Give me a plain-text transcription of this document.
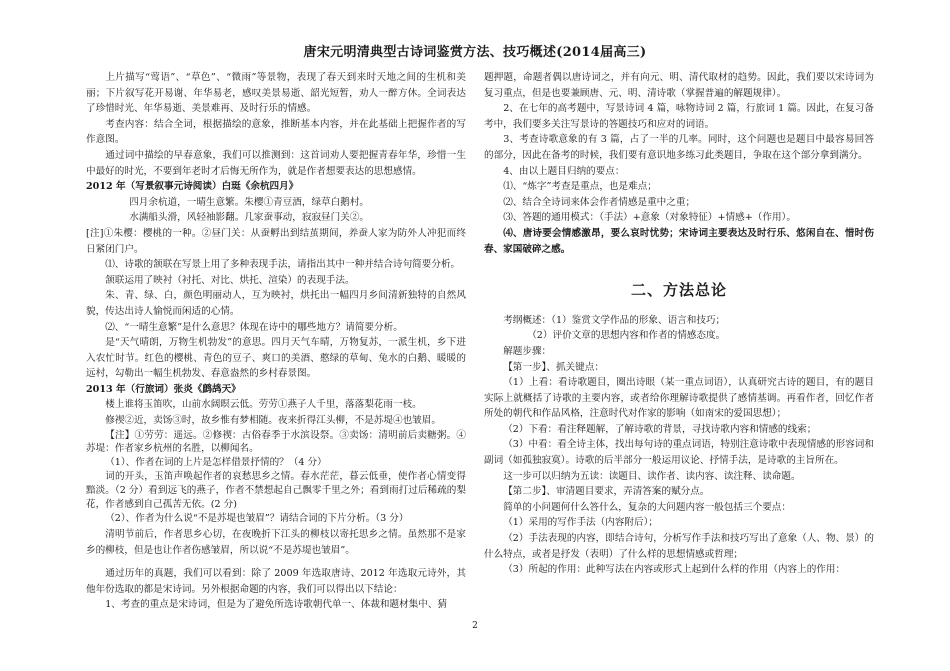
唐宋元明清典型古诗词鉴赏方法、技巧概述(2014届高三)
上片描写“莺语”、“草色”、“微雨”等景物，表现了春天到来时天地之间的生机和美丽；下片叙写花开易谢、年华易老，感叹美景易逝、韶光短暂，劝人一醉方休。全词表达了珍惜时光、年华易逝、美景难再、及时行乐的情感。
考查内容：结合全词，根据描绘的意象，推断基本内容，并在此基础上把握作者的写作意图。
通过词中描绘的早春意象，我们可以推测到：这首词劝人要把握青春年华，珍惜一生中最好的时光，不要到年老时才后悔无所作为，就是作者想要表达的思想感情。
2012 年（写景叙事元诗阅读）白珽《余杭四月》
四月余杭道，一晴生意繁。朱樱①青豆酒，绿草白鹅村。
水满船头滑，风轻袖影翻。几家蚕事动，寂寂昼门关②。
[注]①朱樱：樱桃的一种。②昼门关：从蚕孵出到结茧期间，养蚕人家为防外人冲犯而终日紧闭门户。
⑴、诗歌的颔联在写景上用了多种表现手法，请指出其中一种并结合诗句简要分析。
颔联运用了映衬（衬托、对比、烘托、渲染）的表现手法。
朱、青、绿、白，颜色明丽动人，互为映衬，烘托出一幅四月乡间清新独特的自然风貌，传达出诗人愉悦而闲适的心情。
⑵、“一晴生意繁”是什么意思？体现在诗中的哪些地方？请简要分析。
是“天气晴朗，万物生机勃发”的意思。四月天气车晴，万物复苏，一派生机，乡下进入农忙时节。红色的樱桃、青色的豆子、爽口的美酒、憨绿的草甸、兔水的白鹅、暖暖的远村，勾勒出一幅生机勃发、春意盎然的乡村春景图。
2013 年（行旅词）张炎《鹧鸪天》
楼上谁将玉笛吹，山前水阔暝云低。劳劳①燕子人千里，落落梨花雨一枝。
修禊②近，卖饧③时，故乡惟有梦相随。夜来折得江头柳，不是苏堤④也皱眉。
【注】①劳劳：遥远。②修禊：古俗春季于水滨设祭。③卖饧：清明前后卖糖粥。④苏堤：作者家乡杭州的名胜，以柳闻名。
（1）、作者在词的上片是怎样借景抒情的？（4 分）
词的开头，玉笛声唤起作者的哀愁思乡之情。春水茫茫，暮云低垂，使作者心情变得黯淡。（2 分）看到远飞的燕子，作者不禁想起自己飘零千里之外；看到雨打过后稀疏的梨花，作者感到自己孤苦无依。(2 分)
（2）、作者为什么说“不是苏堤也皱眉”？请结合词的下片分析。（3 分）
清明节前后，作者思乡心切，在夜晚折下江头的柳枝以寄托思乡之情。虽然那不是家乡的柳枝，但是也让作者伤感皱眉，所以说“不是苏堤也皱眉”。
通过历年的真题，我们可以看到：除了 2009 年选取唐诗、2012 年选取元诗外，其他年份选取的都是宋诗词。另外根据命题的内容，我们可以得出以下结论：
1、考查的重点是宋诗词，但是为了避免所选诗歌朝代单一、体裁和题材集中、猜
题押题，命题者偶以唐诗词之，并有向元、明、清代取材的趋势。因此，我们要以宋诗词为复习重点，但是也要兼顾唐、元、明、清诗歌（掌握普遍的解题规律）。
2、在七年的高考题中，写景诗词 4 篇，咏物诗词 2 篇，行旅词 1 篇。因此，在复习备考中，我们要多关注写景诗的答题技巧和应对的词语。
3、考查诗歌意象的有 3 篇，占了一半的几率。同时，这个问题也是题目中最容易回答的部分，因此在备考的时候，我们要有意识地多练习此类题目，争取在这个部分拿到满分。
4、由以上题目归纳的要点：
⑴、“炼字”考查是重点，也是难点；
⑵、结合全诗词来体会作者情感是重中之重；
⑶、答题的通用模式：（手法）+意象（对象特征）+情感+（作用）。
⑷、唐诗要会情感激昂，要么哀时忧势；宋诗词主要表达及时行乐、悠闲自在、惜时伤春、家国破碎之感。
二、方法总论
考纲概述：（1）鉴赏文学作品的形象、语言和技巧；
（2）评价文章的思想内容和作者的情感态度。
解题步骤：
【第一步】、抓关键点：
（1）上看：看诗歌题目，圈出诗眼（某一重点词语），认真研究古诗的题目，有的题目实际上就概括了诗歌的主要内容，或者给你理解诗歌提供了感情基调。再看作者，回忆作者所处的朝代和作品风格，注意时代对作家的影响（如南宋的爱国思想）；
（2）下看：看注释题解，了解诗歌的背景，寻找诗歌内容和情感的线索；
（3）中看：看全诗主体，找出每句诗的重点词语，特别注意诗歌中表现情感的形容词和副词（如孤独寂寞）。诗歌的后半部分一般运用议论、抒情手法，是诗歌的主旨所在。
这一步可以归纳为五读：读题目、读作者、读内容、读注释、读命题。
【第二步】、审清题目要求，弄清答案的赋分点。
简单的小问题何什么答什么，复杂的大问题内容一般包括三个要点：
（1）采用的写作手法（内容附后）；
（2）手法表现的内容，即结合诗句，分析写作手法和技巧写出了意象（人、物、景）的什么特点，或者是抒发（表明）了什么样的思想情感或哲理；
（3）所起的作用：此种写法在内容或形式上起到什么样的作用（内容上的作用：
2
